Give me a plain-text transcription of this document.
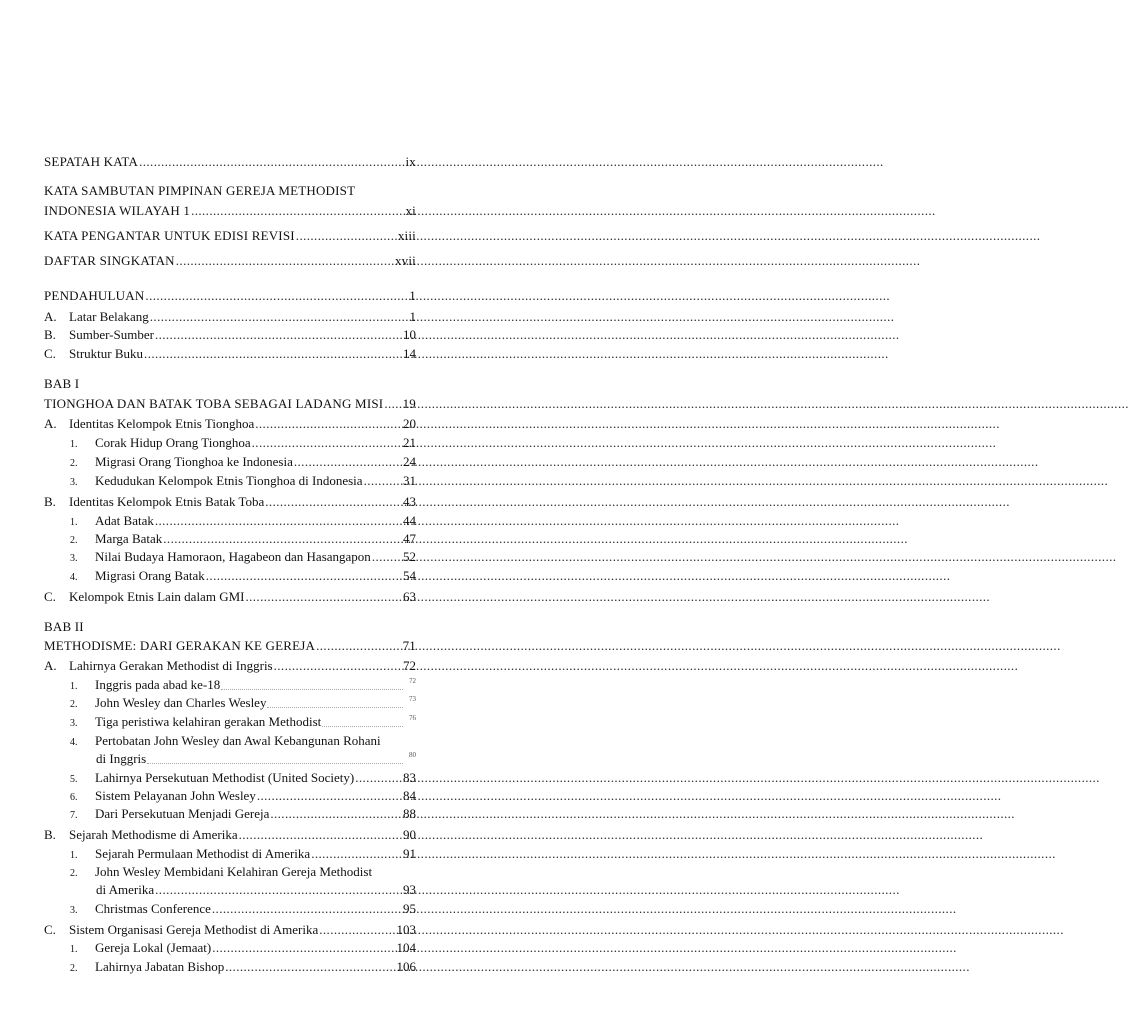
SEPATAH KATA .....	ix
KATA SAMBUTAN PIMPINAN GEREJA METHODIST
INDONESIA WILAYAH 1 .....	xi
KATA PENGANTAR UNTUK EDISI REVISI .....	xiii
DAFTAR SINGKATAN .....	xvii
PENDAHULUAN .....	1
A. Latar Belakang .....	1
B.	Sumber-Sumber .....	10
C.	Struktur Buku .....	14
BAB I
TIONGHOA DAN BATAK TOBA SEBAGAI LADANG MISI ..... 19
A. Identitas Kelompok Etnis Tionghoa .....	20
1.	Corak Hidup Orang Tionghoa .....	21
2.	Migrasi Orang Tionghoa ke Indonesia .....	24
3.	Kedudukan Kelompok Etnis Tionghoa di Indonesia .....	31
B.	Identitas Kelompok Etnis Batak Toba .....	43
1.	Adat Batak .....	44
2.	Marga Batak .....	47
3.	Nilai Budaya Hamoraon, Hagabeon dan Hasangapon ..... 52
4.	Migrasi Orang Batak .....	54
C.	Kelompok Etnis Lain dalam GMI .....	63
BAB II
METHODISME: DARI GERAKAN KE GEREJA .....	71
A. Lahirnya Gerakan Methodist di Inggris .....	72
1.	Inggris pada abad ke-18	72
2.	John Wesley dan Charles Wesley	73
3.	Tiga peristiwa kelahiran gerakan Methodist	76
4. Pertobatan John Wesley dan Awal Kebangunan Rohani
di Inggris	80
5.	Lahirnya Persekutuan Methodist (United Society) .....	83
6.	Sistem Pelayanan John Wesley .....	84
7.	Dari Persekutuan Menjadi Gereja .....	88
B.	Sejarah Methodisme di Amerika .....	90
1.	Sejarah Permulaan Methodist di Amerika .....	91
2. John Wesley Membidani Kelahiran Gereja Methodist
di Amerika .....	93
3.	Christmas Conference .....	95
C.	Sistem Organisasi Gereja Methodist di Amerika .....	103
1.	Gereja Lokal (Jemaat) .....	104
2.	Lahirnya Jabatan Bishop .....	106
